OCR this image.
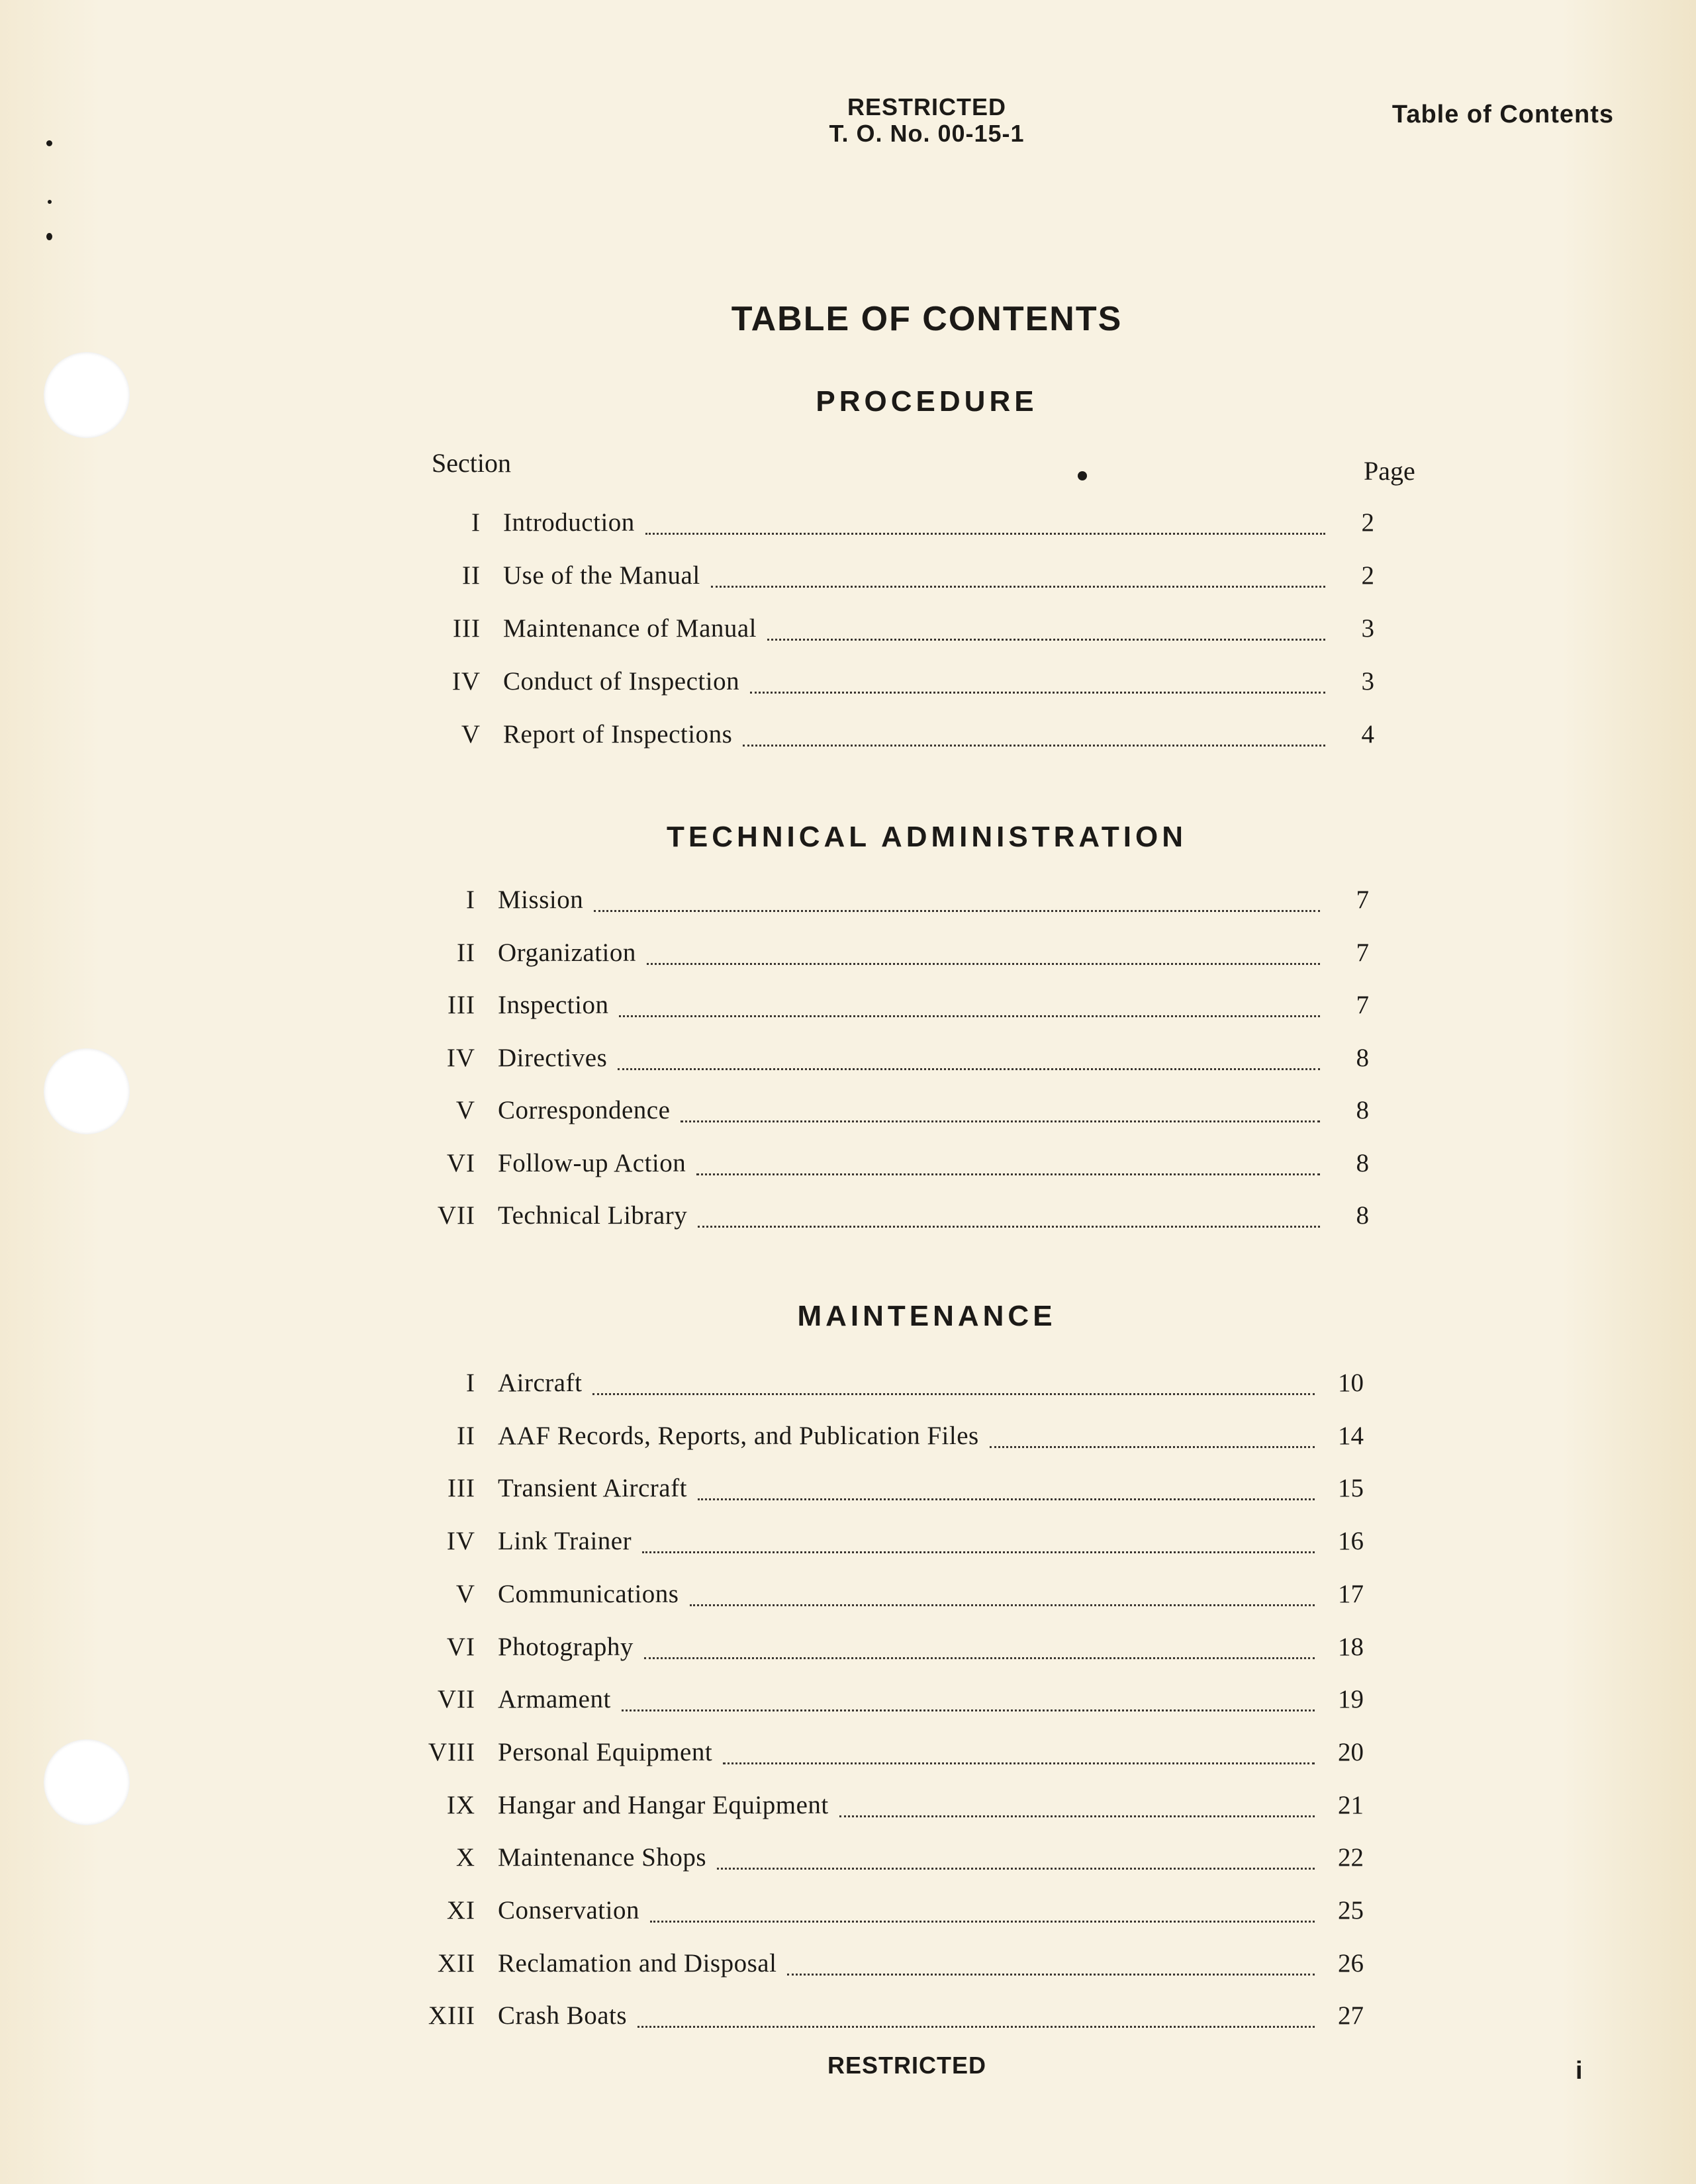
RESTRICTED
T. O. No. 00-15-1
Table of Contents
TABLE OF CONTENTS
PROCEDURE
Section	Page
I Introduction	2
II Use of the Manual	2
III Maintenance of Manual	3
IV Conduct of Inspection	3
V Report of Inspections	4
TECHNICAL ADMINISTRATION
I Mission	7
II Organization	7
III Inspection	7
IV Directives	8
V Correspondence	8
VI Follow-up Action	8
VII Technical Library	8
MAINTENANCE
I Aircraft	10
II AAF Records, Reports, and Publication Files	14
III Transient Aircraft	15
IV Link Trainer	16
V Communications	17
VI Photography	18
VII Armament	19
VIII Personal Equipment	20
IX Hangar and Hangar Equipment	21
X Maintenance Shops	22
XI Conservation	25
XII Reclamation and Disposal	26
XIII Crash Boats	27
RESTRICTED	i
